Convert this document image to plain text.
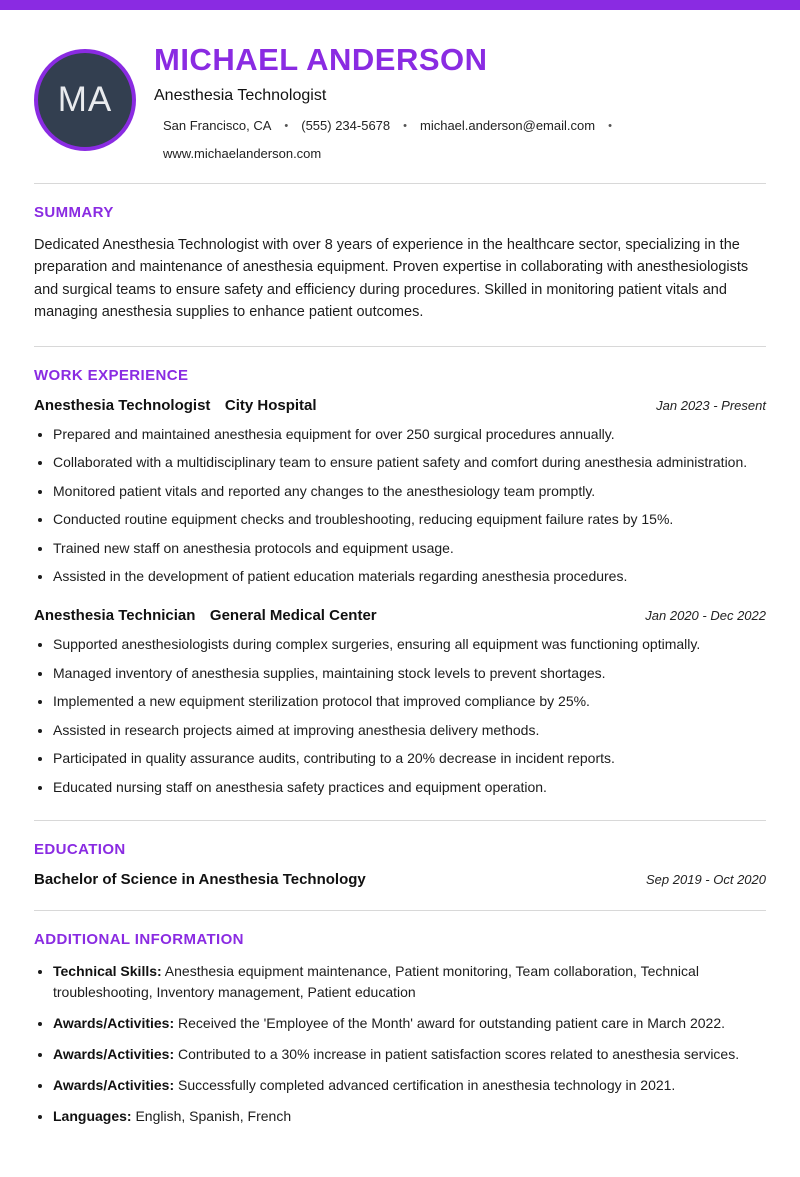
MA
MICHAEL ANDERSON
Anesthesia Technologist
San Francisco, CA • (555) 234-5678 • michael.anderson@email.com •
www.michaelanderson.com
SUMMARY

Dedicated Anesthesia Technologist with over 8 years of experience in the healthcare sector, specializing in the preparation and maintenance of anesthesia equipment. Proven expertise in collaborating with anesthesiologists and surgical teams to ensure safety and efficiency during procedures. Skilled in monitoring patient vitals and managing anesthesia supplies to enhance patient outcomes.

WORK EXPERIENCE
Anesthesia Technologist City Hospital	Jan 2023 - Present
• Prepared and maintained anesthesia equipment for over 250 surgical procedures annually.
• Collaborated with a multidisciplinary team to ensure patient safety and comfort during anesthesia administration.
• Monitored patient vitals and reported any changes to the anesthesiology team promptly.
• Conducted routine equipment checks and troubleshooting, reducing equipment failure rates by 15%.
• Trained new staff on anesthesia protocols and equipment usage.
• Assisted in the development of patient education materials regarding anesthesia procedures.
Anesthesia Technician General Medical Center	Jan 2020 - Dec 2022
• Supported anesthesiologists during complex surgeries, ensuring all equipment was functioning optimally.
• Managed inventory of anesthesia supplies, maintaining stock levels to prevent shortages.
• Implemented a new equipment sterilization protocol that improved compliance by 25%.
• Assisted in research projects aimed at improving anesthesia delivery methods.
• Participated in quality assurance audits, contributing to a 20% decrease in incident reports.
• Educated nursing staff on anesthesia safety practices and equipment operation.
EDUCATION
Bachelor of Science in Anesthesia Technology	Sep 2019 - Oct 2020
ADDITIONAL INFORMATION
• Technical Skills: Anesthesia equipment maintenance, Patient monitoring, Team collaboration, Technical troubleshooting, Inventory management, Patient education
• Awards/Activities: Received the 'Employee of the Month' award for outstanding patient care in March 2022.
• Awards/Activities: Contributed to a 30% increase in patient satisfaction scores related to anesthesia services.
• Awards/Activities: Successfully completed advanced certification in anesthesia technology in 2021.
• Languages: English, Spanish, French
